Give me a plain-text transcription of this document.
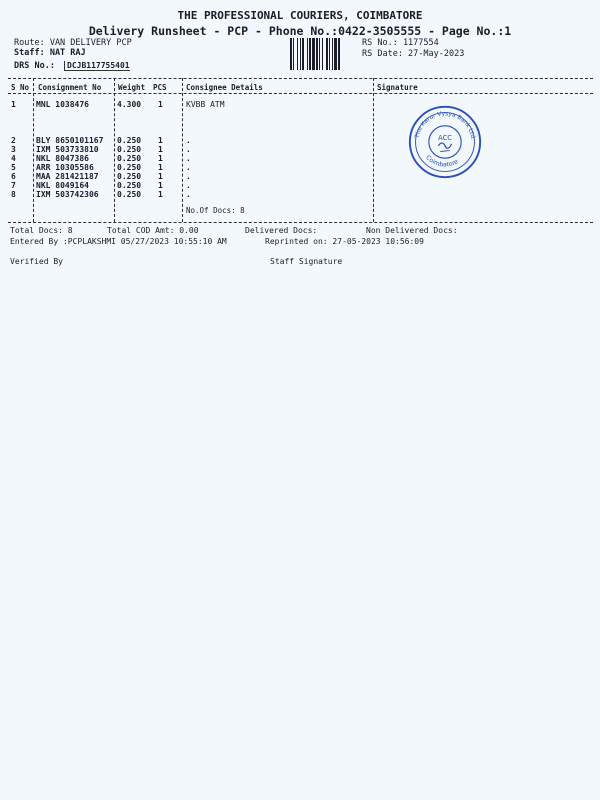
THE PROFESSIONAL COURIERS, COIMBATORE
Delivery Runsheet - PCP - Phone No.:0422-3505555 - Page No.:1
Route: VAN DELIVERY PCP
Staff: NAT RAJ
DRS No.:	DCJB117755401
RS No.: 1177554
RS Date: 27-May-2023
S No Consignment No Weight PCS	Consignee Details	Signature
1	MNL 1038476	4.300 1	KVBB ATM
2	BLY 8650101167 0.250 1	.
3	IXM 503733810 0.250 1	.
4	NKL 8047386	0.250 1	.
5	ARR 10305586	0.250 1	.
6	MAA 281421187 0.250 1	.
7	NKL 8049164	0.250 1	.
8	IXM 503742306 0.250 1	.
No.Of Docs: 8
The Karur Vysya Bank Ltd.
Coimbatore
ACC
Total Docs: 8	Total COD Amt: 0.00	Delivered Docs:	Non Delivered Docs:
Entered By :PCPLAKSHMI 05/27/2023 10:55:10 AM	Reprinted on: 27-05-2023 10:56:09
Verified By	Staff Signature
